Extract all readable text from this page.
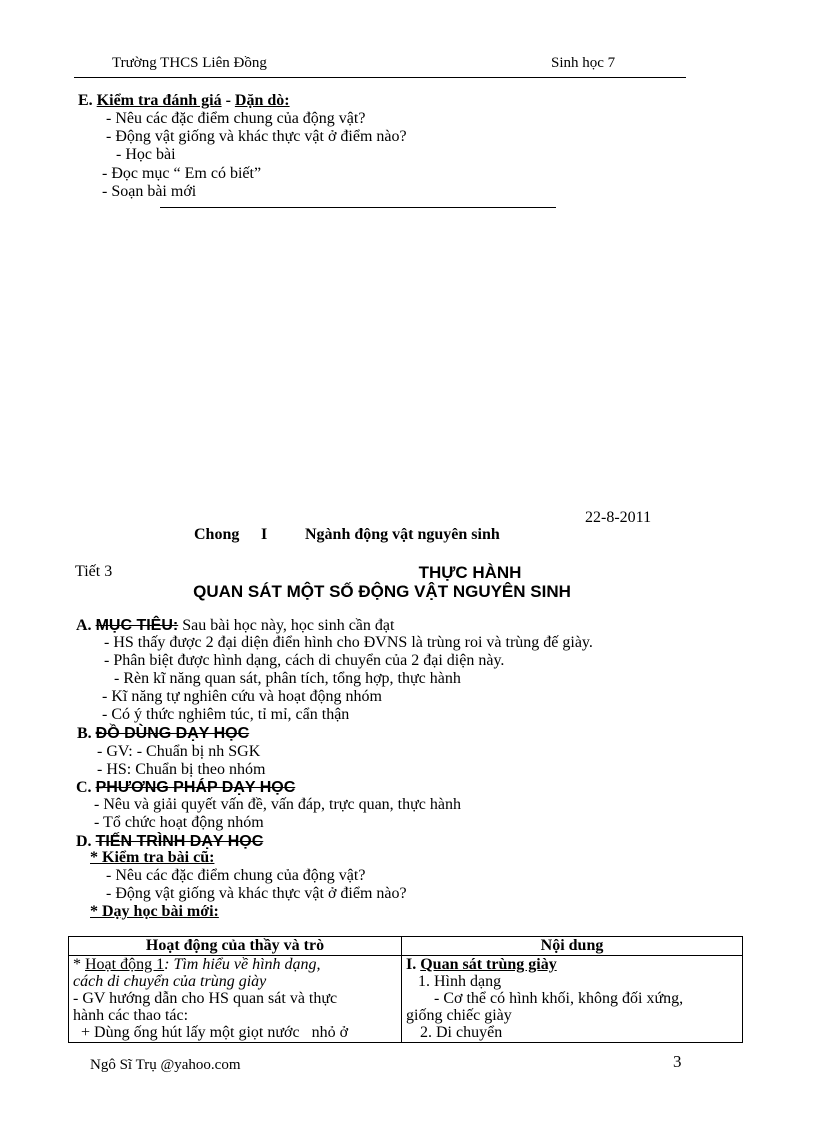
Trường THCS Liên Đồng	Sinh học 7
E. Kiểm tra đánh giá - Dặn dò:
- Nêu các đặc điểm chung của động vật?
- Động vật giống và khác thực vật ở điểm nào?
- Học bài
- Đọc mục “ Em có biết”
- Soạn bài mới
22-8-2011
Chong I Ngành động vật nguyên sinh
Tiết 3	THỰC HÀNH
QUAN SÁT MỘT SỐ ĐỘNG VẬT NGUYÊN SINH
A. MỤC TIÊU: Sau bài học này, học sinh cần đạt
- HS thấy được 2 đại diện điển hình cho ĐVNS là trùng roi và trùng đế giày.
- Phân biệt được hình dạng, cách di chuyển của 2 đại diện này.
- Rèn kĩ năng quan sát, phân tích, tổng hợp, thực hành
- Kĩ năng tự nghiên cứu và hoạt động nhóm
- Có ý thức nghiêm túc, tỉ mỉ, cẩn thận
B. ĐỒ DÙNG DẠY HỌC
- GV: - Chuẩn bị nh SGK
- HS: Chuẩn bị theo nhóm
C. PHƯƠNG PHÁP DẠY HỌC
- Nêu và giải quyết vấn đề, vấn đáp, trực quan, thực hành
- Tổ chức hoạt động nhóm
D. TIẾN TRÌNH DẠY HỌC
* Kiểm tra bài cũ:
- Nêu các đặc điểm chung của động vật?
- Động vật giống và khác thực vật ở điểm nào?
* Dạy học bài mới:
Hoạt động của thầy và trò	Nội dung

* Hoạt động 1: Tìm hiểu về hình dạng,
cách di chuyển của trùng giày
- GV hướng dẫn cho HS quan sát và thực
hành các thao tác:
+ Dùng ống hút lấy một giọt nước   nhỏ ở	I. Quan sát trùng giày
1. Hình dạng
- Cơ thể có hình khối, không đối xứng,
giống chiếc giày
2. Di chuyển
Ngô Sĩ Trụ @yahoo.com	3
